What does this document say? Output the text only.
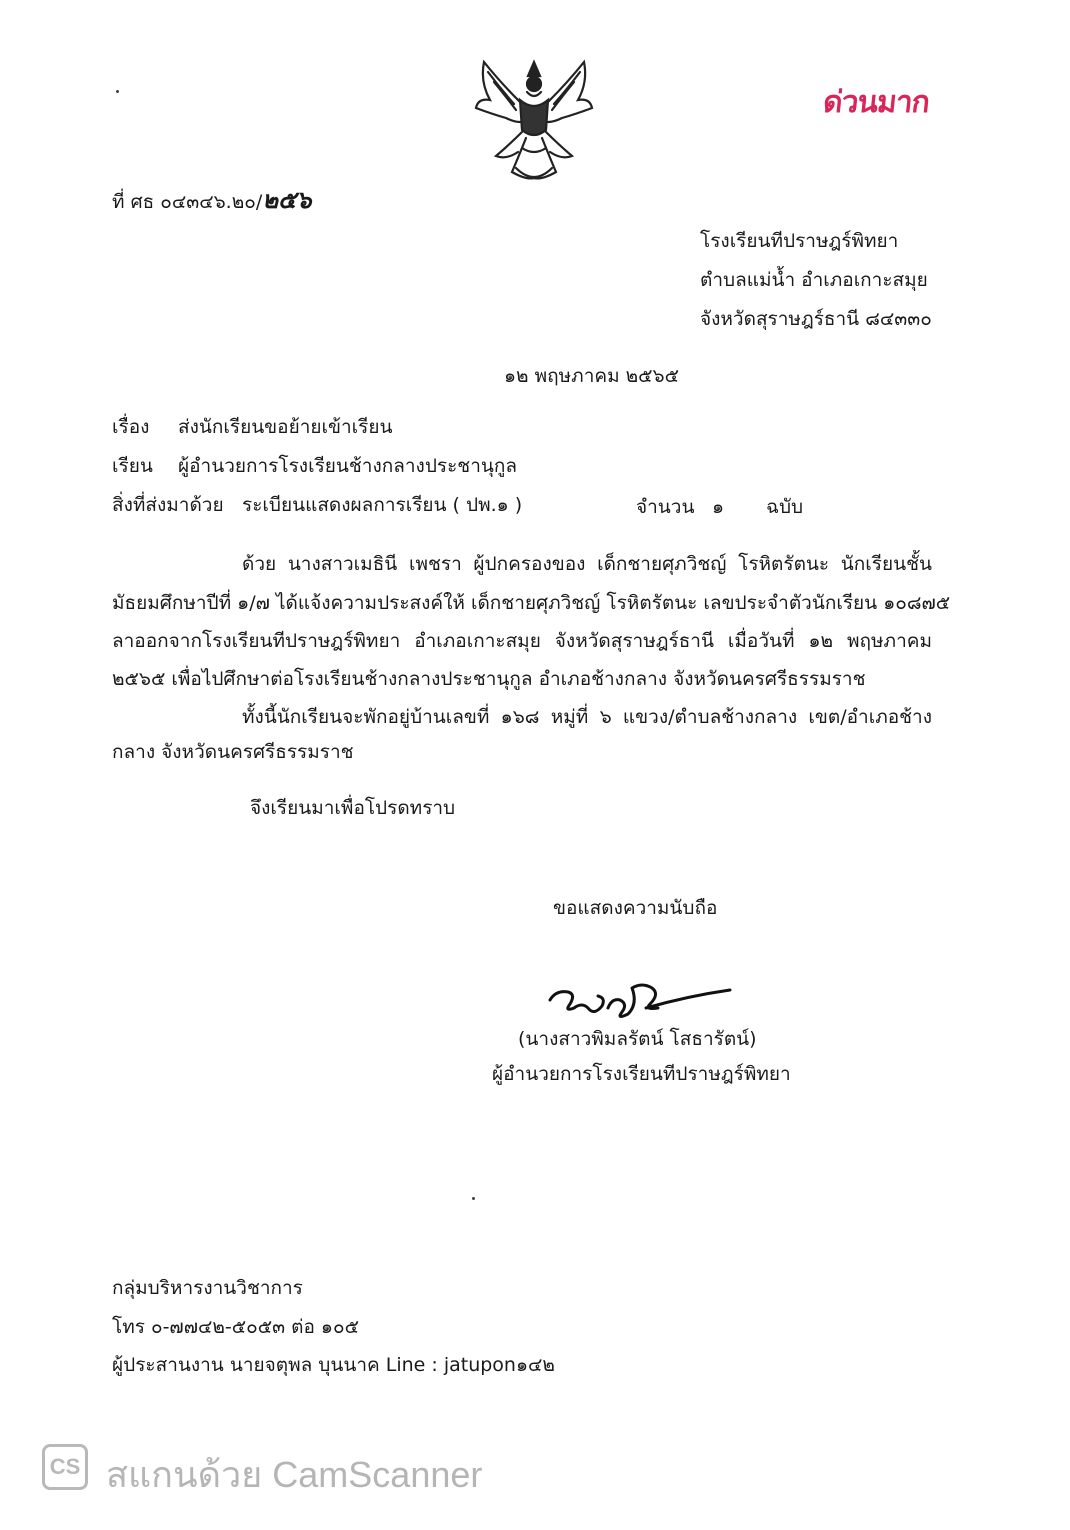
ด่วนมาก
ที่ ศธ ๐๔๓๔๖.๒๐/๒๕๖
โรงเรียนทีปราษฎร์พิทยา
ตำบลแม่น้ำ อำเภอเกาะสมุย
จังหวัดสุราษฎร์ธานี ๘๔๓๓๐
๑๒ พฤษภาคม ๒๕๖๕
เรื่อง ส่งนักเรียนขอย้ายเข้าเรียน
เรียน ผู้อำนวยการโรงเรียนช้างกลางประชานุกูล
สิ่งที่ส่งมาด้วย ระเบียนแสดงผลการเรียน ( ปพ.๑ )	จำนวน ๑ ฉบับ
ด้วย นางสาวเมธินี เพชรา ผู้ปกครองของ เด็กชายศุภวิชญ์ โรหิตรัตนะ นักเรียนชั้น
มัธยมศึกษาปีที่ ๑/๗ ได้แจ้งความประสงค์ให้ เด็กชายศุภวิชญ์ โรหิตรัตนะ เลขประจำตัวนักเรียน ๑๐๘๗๕
ลาออกจากโรงเรียนทีปราษฎร์พิทยา อำเภอเกาะสมุย จังหวัดสุราษฎร์ธานี เมื่อวันที่ ๑๒ พฤษภาคม
๒๕๖๕ เพื่อไปศึกษาต่อโรงเรียนช้างกลางประชานุกูล อำเภอช้างกลาง จังหวัดนครศรีธรรมราช
ทั้งนี้นักเรียนจะพักอยู่บ้านเลขที่ ๑๖๘ หมู่ที่ ๖ แขวง/ตำบลช้างกลาง เขต/อำเภอช้าง
กลาง จังหวัดนครศรีธรรมราช
จึงเรียนมาเพื่อโปรดทราบ
ขอแสดงความนับถือ
(นางสาวพิมลรัตน์ โสธารัตน์)
ผู้อำนวยการโรงเรียนทีปราษฎร์พิทยา
กลุ่มบริหารงานวิชาการ
โทร ๐-๗๗๔๒-๕๐๕๓ ต่อ ๑๐๕
ผู้ประสานงาน นายจตุพล บุนนาค Line : jatupon๑๔๒
CS สแกนด้วย CamScanner
